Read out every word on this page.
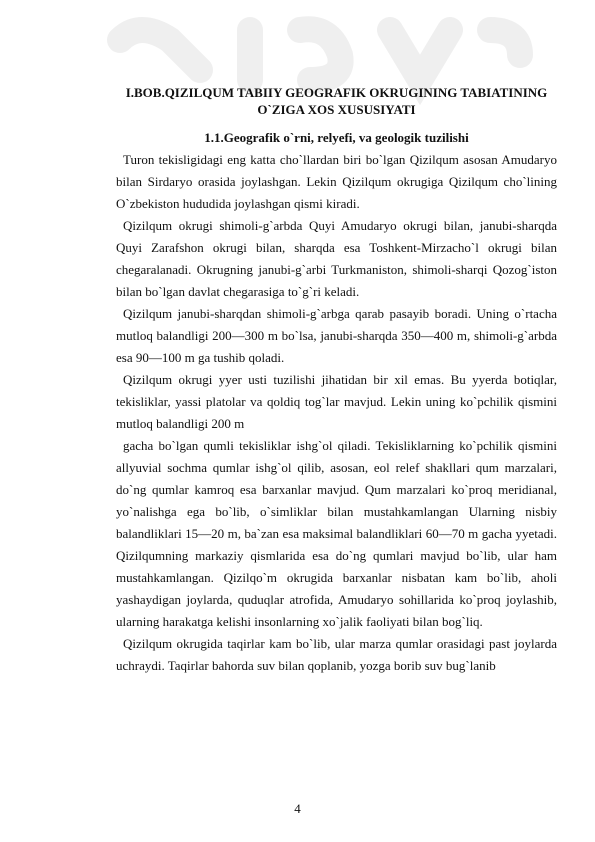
I.BOB.QIZILQUM TABIIY GEOGRAFIK OKRUGINING TABIATINING O`ZIGA XOS XUSUSIYATI

1.1.Geografik o`rni, relyefi, va geologik tuzilishi

Turon tekisligidagi eng katta cho`llardan biri bo`lgan Qizilqum asosan Amudaryo bilan Sirdaryo orasida joylashgan. Lekin Qizilqum okrugiga Qizilqum cho`lining O`zbekiston hududida joylashgan qismi kiradi.

Qizilqum okrugi shimoli-g`arbda Quyi Amudaryo okrugi bilan, janubi-sharqda Quyi Zarafshon okrugi bilan, sharqda esa Toshkent-Mirzacho`l okrugi bilan chegaralanadi. Okrugning janubi-g`arbi Turkmaniston, shimoli-sharqi Qozog`iston bilan bo`lgan davlat chegarasiga to`g`ri keladi.

Qizilqum janubi-sharqdan shimoli-g`arbga qarab pasayib boradi. Uning o`rtacha mutloq balandligi 200—300 m bo`lsa, janubi-sharqda 350—400 m, shimoli-g`arbda esa 90—100 m ga tushib qoladi.

Qizilqum okrugi yyer usti tuzilishi jihatidan bir xil emas. Bu yyerda botiqlar, tekisliklar, yassi platolar va qoldiq tog`lar mavjud. Lekin uning ko`pchilik qismini mutloq balandligi 200 m

gacha bo`lgan qumli tekisliklar ishg`ol qiladi. Tekisliklarning ko`pchilik qismini allyuvial sochma qumlar ishg`ol qilib, asosan, eol relef shakllari qum marzalari, do`ng qumlar kamroq esa barxanlar mavjud. Qum marzalari ko`proq meridianal, yo`nalishga ega bo`lib, o`simliklar bilan mustahkamlangan Ularning nisbiy balandliklari 15—20 m, ba`zan esa maksimal balandliklari 60—70 m gacha yyetadi. Qizilqumning markaziy qismlarida esa do`ng qumlari mavjud bo`lib, ular ham mustahkamlangan. Qizilqo`m okrugida barxanlar nisbatan kam bo`lib, aholi yashaydigan joylarda, quduqlar atrofida, Amudaryo sohillarida ko`proq joylashib, ularning harakatga kelishi insonlarning xo`jalik faoliyati bilan bog`liq.

Qizilqum okrugida taqirlar kam bo`lib, ular marza qumlar orasidagi past joylarda uchraydi. Taqirlar bahorda suv bilan qoplanib, yozga borib suv bug`lanib

4
